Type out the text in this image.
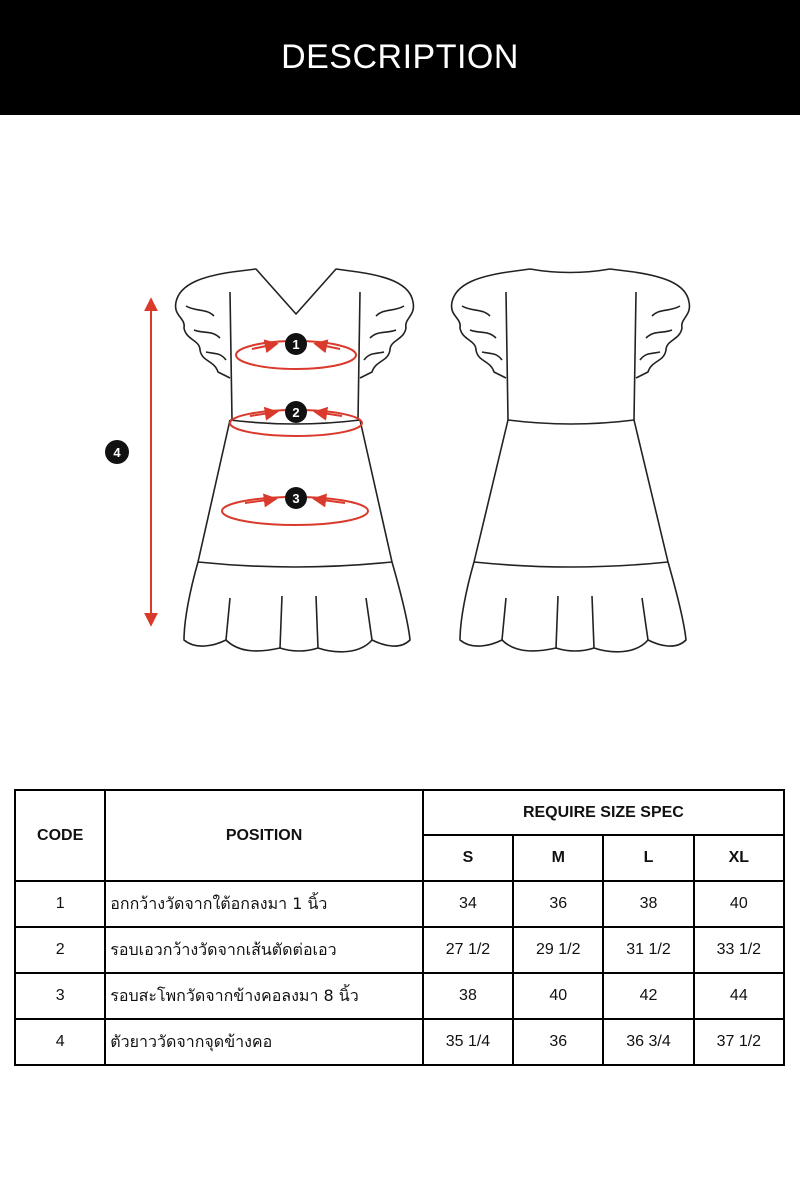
DESCRIPTION
1
2
3
4
CODE	POSITION	REQUIRE SIZE SPEC			
		S	M	L	XL
1	อกกว้างวัดจากใต้อกลงมา 1 นิ้ว	34	36	38	40
2	รอบเอวกว้างวัดจากเส้นตัดต่อเอว	27 1/2	29 1/2	31 1/2	33 1/2
3	รอบสะโพกวัดจากข้างคอลงมา 8 นิ้ว	38	40	42	44
4	ตัวยาววัดจากจุดข้างคอ	35 1/4	36	36 3/4	37 1/2
